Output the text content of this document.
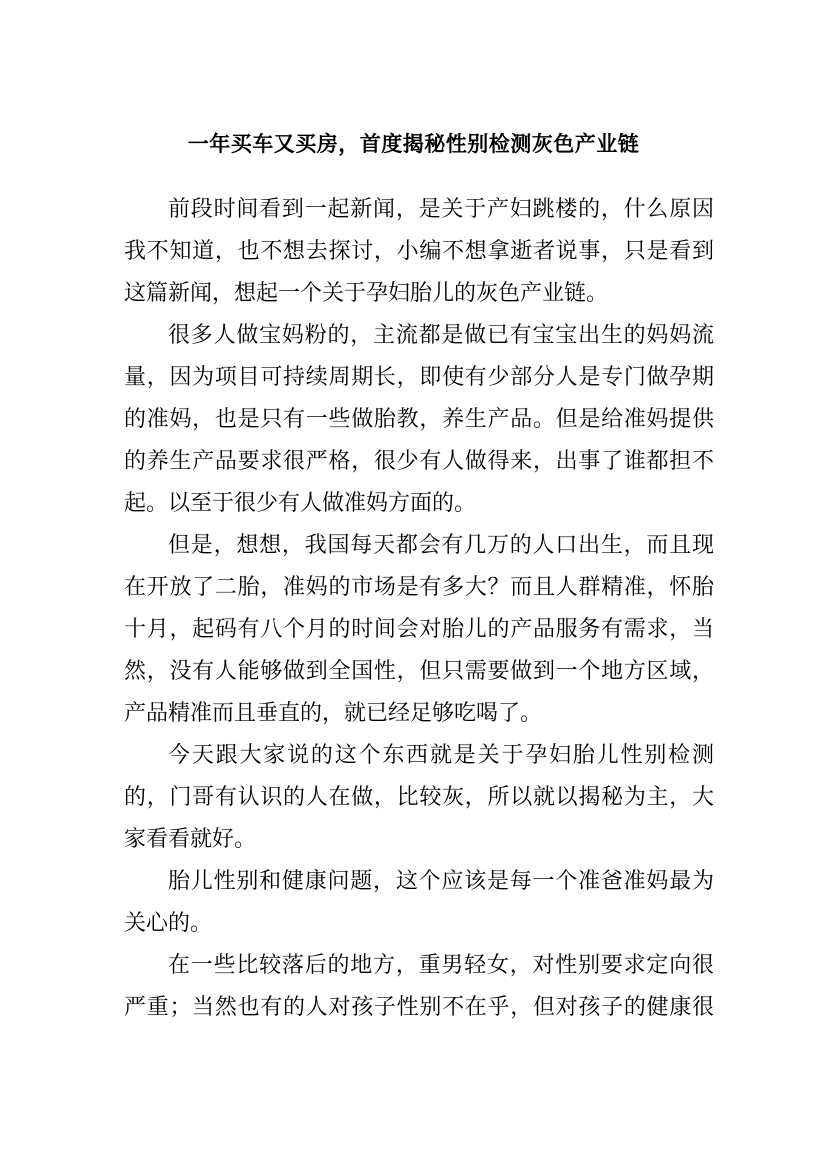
一年买车又买房，首度揭秘性别检测灰色产业链
前段时间看到一起新闻，是关于产妇跳楼的，什么原因
我不知道，也不想去探讨，小编不想拿逝者说事，只是看到
这篇新闻，想起一个关于孕妇胎儿的灰色产业链。
很多人做宝妈粉的，主流都是做已有宝宝出生的妈妈流
量，因为项目可持续周期长，即使有少部分人是专门做孕期
的准妈，也是只有一些做胎教，养生产品。但是给准妈提供
的养生产品要求很严格，很少有人做得来，出事了谁都担不
起。以至于很少有人做准妈方面的。
但是，想想，我国每天都会有几万的人口出生，而且现
在开放了二胎，准妈的市场是有多大？而且人群精准，怀胎
十月，起码有八个月的时间会对胎儿的产品服务有需求，当
然，没有人能够做到全国性，但只需要做到一个地方区域，
产品精准而且垂直的，就已经足够吃喝了。
今天跟大家说的这个东西就是关于孕妇胎儿性别检测
的，门哥有认识的人在做，比较灰，所以就以揭秘为主，大
家看看就好。
胎儿性别和健康问题，这个应该是每一个准爸准妈最为
关心的。
在一些比较落后的地方，重男轻女，对性别要求定向很
严重；当然也有的人对孩子性别不在乎，但对孩子的健康很
